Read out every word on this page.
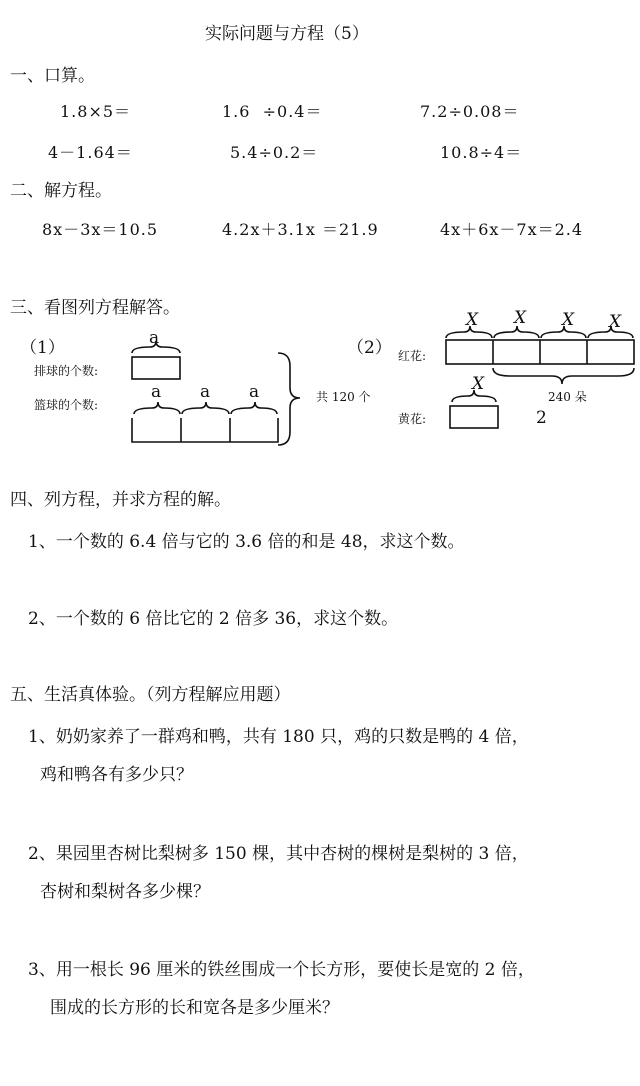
实际问题与方程（5）
一、口算。
1.8×5＝	1.6  ÷0.4＝	7.2÷0.08＝
4－1.64＝	5.4÷0.2＝	10.8÷4＝
二、解方程。
8x－3x＝10.5	4.2x＋3.1x ＝21.9	4x＋6x－7x＝2.4
三、看图列方程解答。
（1）
排球的个数:
篮球的个数:
a
a a a	共 120 个
（2） 红花:
黄花:
X X X X
X
240 朵
2
四、列方程，并求方程的解。
1、一个数的 6.4 倍与它的 3.6 倍的和是 48，求这个数。
2、一个数的 6 倍比它的 2 倍多 36，求这个数。
五、生活真体验。（列方程解应用题）
1、奶奶家养了一群鸡和鸭，共有 180 只，鸡的只数是鸭的 4 倍，
鸡和鸭各有多少只？
2、果园里杏树比梨树多 150 棵，其中杏树的棵树是梨树的 3 倍，
杏树和梨树各多少棵？
3、用一根长 96 厘米的铁丝围成一个长方形，要使长是宽的 2 倍，
围成的长方形的长和宽各是多少厘米？
